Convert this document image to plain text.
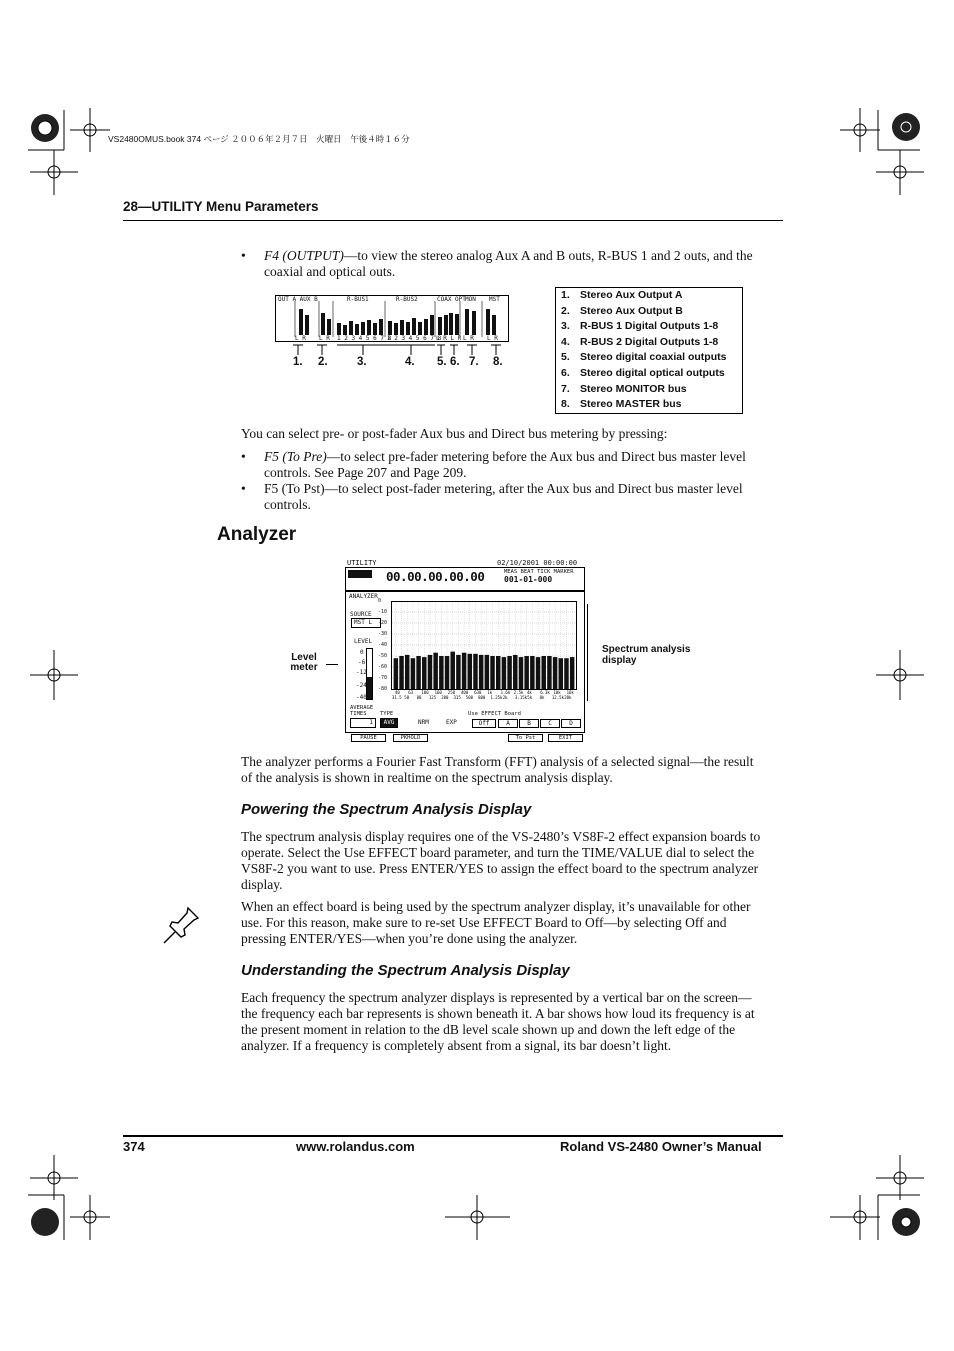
VS2480OMUS.book 374 ページ ２００６年２月７日　火曜日　午後４時１６分
28—UTILITY Menu Parameters
• F4 (OUTPUT)—to view the stereo analog Aux A and B outs, R-BUS 1 and 2 outs, and the coaxial and optical outs.
OUT A AUX B	R-BUS1	R-BUS2	COAX OPT MON MST
L R L R 1 2 3 4 5 6 7 8
1 2 3 4 5 6 7 8
L R L R L R L R
1. 2.	3.	4. 5. 6. 7. 8.
1. Stereo Aux Output A
2. Stereo Aux Output B
3. R-BUS 1 Digital Outputs 1-8
4. R-BUS 2 Digital Outputs 1-8
5. Stereo digital coaxial outputs
6. Stereo digital optical outputs
7. Stereo MONITOR bus
8. Stereo MASTER bus
You can select pre- or post-fader Aux bus and Direct bus metering by pressing:
• F5 (To Pre)—to select pre-fader metering before the Aux bus and Direct bus master level controls. See Page 207 and Page 209.
• F5 (To Pst)—to select post-fader metering, after the Aux bus and Direct bus master level controls.
Analyzer
UTILITY	02/10/2001 00:00:00
00.00.00.00.00	MEAS BEAT TICK MARKER
001-01-000
ANALYZER
SOURCE
MST L
LEVEL
0
-6
-12
-24
-40
40 63 100 160 250 400 630 1k 1.6k 2.5k 4k 6.3k 10k 16k
31.5 50 80 125 200 315 500 800 1.25k 2k 3.15k 5k 8k 12.5k 20k
AVERAGE
TIMES
1
TYPE
AVG	NRM	EXP
Use EFFECT Board
Off	A	B	C	D
0
-10
-20
-30
-40
-50
-60
-70
-80
PAUSE	PKHOLD	To Pst	EXIT
Level meter
Spectrum analysis display
The analyzer performs a Fourier Fast Transform (FFT) analysis of a selected signal—the result of the analysis is shown in realtime on the spectrum analysis display.
Powering the Spectrum Analysis Display
The spectrum analysis display requires one of the VS-2480’s VS8F-2 effect expansion boards to operate. Select the Use EFFECT board parameter, and turn the TIME/VALUE dial to select the VS8F-2 you want to use. Press ENTER/YES to assign the effect board to the spectrum analyzer display.
When an effect board is being used by the spectrum analyzer display, it’s unavailable for other use. For this reason, make sure to re-set Use EFFECT Board to Off—by selecting Off and pressing ENTER/YES—when you’re done using the analyzer.
Understanding the Spectrum Analysis Display
Each frequency the spectrum analyzer displays is represented by a vertical bar on the screen—the frequency each bar represents is shown beneath it. A bar shows how loud its frequency is at the present moment in relation to the dB level scale shown up and down the left edge of the analyzer. If a frequency is completely absent from a signal, its bar doesn’t light.
374	www.rolandus.com	Roland VS-2480 Owner’s Manual
